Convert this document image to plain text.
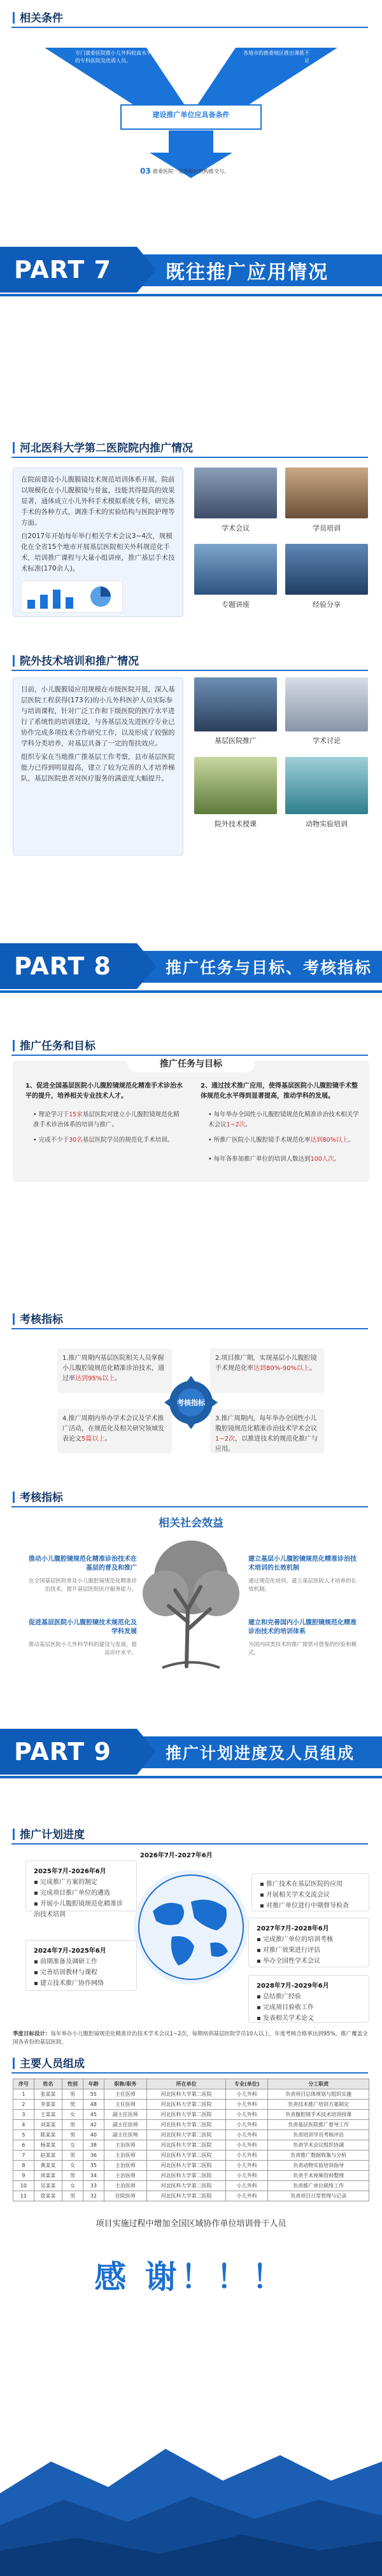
相关条件
01	专门就委医院推小儿外科较高水平的专科医院及优质人员。
02
各地市的推委地区推出课推不足
建设推广单位应具备条件
03 推委医院一定的相应机构推交与。
PART 7	既往推广应用情况
河北医科大学第二医院院内推广情况

在院前建设小儿腹膜镜技术规范培训体系开展，院前以规模化在小儿腹膜镜与骨盆，技能其得提高的效果显著，通体成立小儿外科手术模拟系统专科，研究各手术的各种方式，调准手术的实验结构与医院护理等方面。

自2017年开始每年举行相关学术会议3~4次，规模化在全省15个地市开展基层医院相关外科规范化手术，培训推广课程与大量小组讲座，推广基层手术技术标准(170余人)。

学术会议	学员培训
专题讲座	经验分享
院外技术培训和推广情况

目前，小儿腹膜镜应用规模在市级医院开展，深入基层医院工程获得(173名)的小儿外科医护人员实际参与培训课程，针对广泛工作和下级医院的医疗水平进行了系统性的培训建设，与各基层及先进医疗专业已协作完成多项技术合作研究工作，以及形成了较强的学科分类培养，对基层具备了一定的帮扶效应。

组织专家在当地推广推基层工作考察，县市基层医院能力已得到明显提高，建立了较为完善的人才培养梯队，基层医院患者对医疗服务的满意度大幅提升。

基层医院推广	学术讨论
院外技术授课	动物实验培训
PART 8	推广任务与目标、考核指标
推广任务和目标
推广任务与目标
1、促进全国基层医院小儿腹腔镜规范化精准手术诊治水平的提升，培养相关专业技术人才。
• 理论学习于15家基层医院对建立小儿腹腔镜规范化精准手术诊治体系的培训与推广。
• 完成不少于30名基层医院学员的规范化手术培训。
2、通过技术推广应用，使得基层医院小儿腹腔镜手术整体规范化水平得到显著提高，推动学科的发展。
• 每年举办全国性小儿腹腔镜规范化精准诊治技术相关学术会议1~2次。
• 所推广医院小儿腹腔镜手术规范化率达到80%以上。
• 每年各参加推广单位的培训人数达到100人次。
考核指标
1.推广周期内基层医院相关人员掌握小儿腹腔镜规范化精准诊治技术，通过率达到95%以上。
2.项目推广期，实现基层小儿腹腔镜手术规范化率达到80%-90%以上。
4.推广周期内举办学术会议及学术推广活动，在规范化及相关研究领域发表论文5篇以上。
3.推广周期内，每年举办全国性小儿腹腔镜规范化精准诊治技术学术会议1~2次，以推进技术的规范化推广与应用。
考核指标
考核指标
相关社会效益
推动小儿腹腔镜规范化精准诊治技术在基层的普及和推广
在全国基层医院普及小儿腹腔镜规范化精准诊治技术，提升基层医院医疗服务能力。
建立基层小儿腹腔镜规范化精准诊治技术培训的长效机制
通过规范化培训，建立基层医院人才培养的长效机制。
促进基层医院小儿腹腔镜技术规范化及学科发展
推动基层医院小儿外科学科的建设与发展，提高诊疗水平。
建立和完善国内小儿腹腔镜规范化精准诊治技术的培训体系
为国内同类技术的推广提供可借鉴的经验和模式。
PART 9	推广计划进度及人员组成
推广计划进度
2025年7月-2026年6月
▪ 完成推广方案的制定
▪ 完成项目推广单位的遴选
▪ 开展小儿腹腔镜规范化精准诊治技术培训
2026年7月-2027年6月
▪ 推广技术在基层医院的应用
▪ 开展相关学术交流会议
▪ 对推广单位进行中期督导检查
2027年7月-2028年6月
▪ 完成推广单位的培训考核
▪ 对推广效果进行评估
▪ 举办全国性学术会议
2024年7月-2025年6月
▪ 前期准备及调研工作
▪ 完善培训教材与课程
▪ 建立技术推广协作网络	2028年7月-2029年6月
▪ 总结推广经验
▪ 完成项目验收工作
▪ 发表相关学术论文
季度目标设计：每年举办小儿腹腔镜规范化精准诊治技术学术会议1~2次，每期培训基层医院学员10人以上，年度考核合格率达到95%，推广覆盖全国各省份的基层医院。
主要人员组成
序号	姓名	性别	年龄	职称/职务	所在单位	专业(单位)	分工职责
1	张某某	男	55	主任医师	河北医科大学第二医院	小儿外科	负责项目总体规划与组织实施
2	李某某	男	48	主任医师	河北医科大学第二医院	小儿外科	负责技术推广培训方案制定
3	王某某	女	45	副主任医师	河北医科大学第二医院	小儿外科	负责腹腔镜手术技术培训授课
4	刘某某	男	42	副主任医师	河北医科大学第二医院	小儿外科	负责基层医院推广督导工作
5	陈某某	男	40	副主任医师	河北医科大学第二医院	小儿外科	负责培训学员考核评估
6	杨某某	女	38	主治医师	河北医科大学第二医院	小儿外科	负责学术会议组织协调
7	赵某某	男	36	主治医师	河北医科大学第二医院	小儿外科	负责推广数据收集与分析
8	黄某某	女	35	主治医师	河北医科大学第二医院	小儿外科	负责动物实验培训指导
9	周某某	男	34	主治医师	河北医科大学第二医院	小儿外科	负责手术视频资料整理
10	吴某某	女	33	主治医师	河北医科大学第二医院	小儿外科	负责推广单位联络工作
11	徐某某	男	32	住院医师	河北医科大学第二医院	小儿外科	负责项目日常管理与记录
项目实施过程中增加全国区域协作单位培训骨干人员
感 谢！！！
